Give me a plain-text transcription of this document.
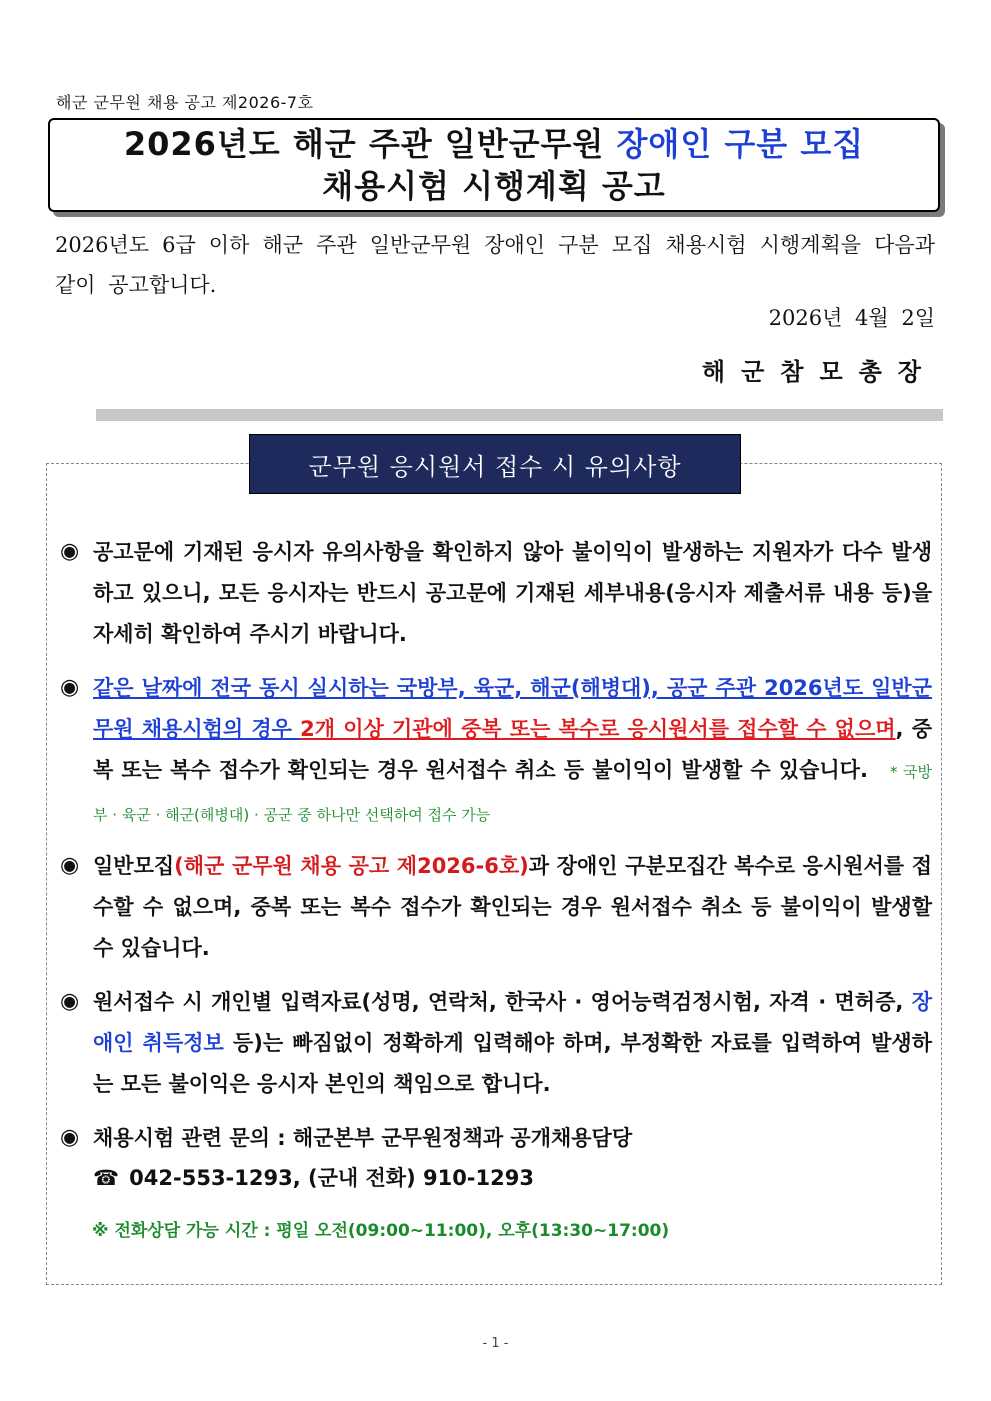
해군 군무원 채용 공고 제2026-7호
2026년도 해군 주관 일반군무원 장애인 구분 모집
채용시험 시행계획 공고
2026년도 6급 이하 해군 주관 일반군무원 장애인 구분 모집 채용시험 시행계획을 다음과 같이 공고합니다.
2026년 4월 2일
해군참모총장
군무원 응시원서 접수 시 유의사항
◉ 공고문에 기재된 응시자 유의사항을 확인하지 않아 불이익이 발생하는 지원자가 다수 발생하고 있으니, 모든 응시자는 반드시 공고문에 기재된 세부내용(응시자 제출서류 내용 등)을 자세히 확인하여 주시기 바랍니다.
◉ 같은 날짜에 전국 동시 실시하는 국방부, 육군, 해군(해병대), 공군 주관 2026년도 일반군무원 채용시험의 경우 2개 이상 기관에 중복 또는 복수로 응시원서를 접수할 수 없으며, 중복 또는 복수 접수가 확인되는 경우 원서접수 취소 등 불이익이 발생할 수 있습니다. * 국방부 · 육군 · 해군(해병대) · 공군 중 하나만 선택하여 접수 가능
◉ 일반모집(해군 군무원 채용 공고 제2026-6호)과 장애인 구분모집간 복수로 응시원서를 접수할 수 없으며, 중복 또는 복수 접수가 확인되는 경우 원서접수 취소 등 불이익이 발생할 수 있습니다.
◉ 원서접수 시 개인별 입력자료(성명, 연락처, 한국사 · 영어능력검정시험, 자격 · 면허증, 장애인 취득정보 등)는 빠짐없이 정확하게 입력해야 하며, 부정확한 자료를 입력하여 발생하는 모든 불이익은 응시자 본인의 책임으로 합니다.
◉ 채용시험 관련 문의 : 해군본부 군무원정책과 공개채용담당
☎ 042-553-1293, (군내 전화) 910-1293
※ 전화상담 가능 시간 : 평일 오전(09:00~11:00), 오후(13:30~17:00)
- 1 -
